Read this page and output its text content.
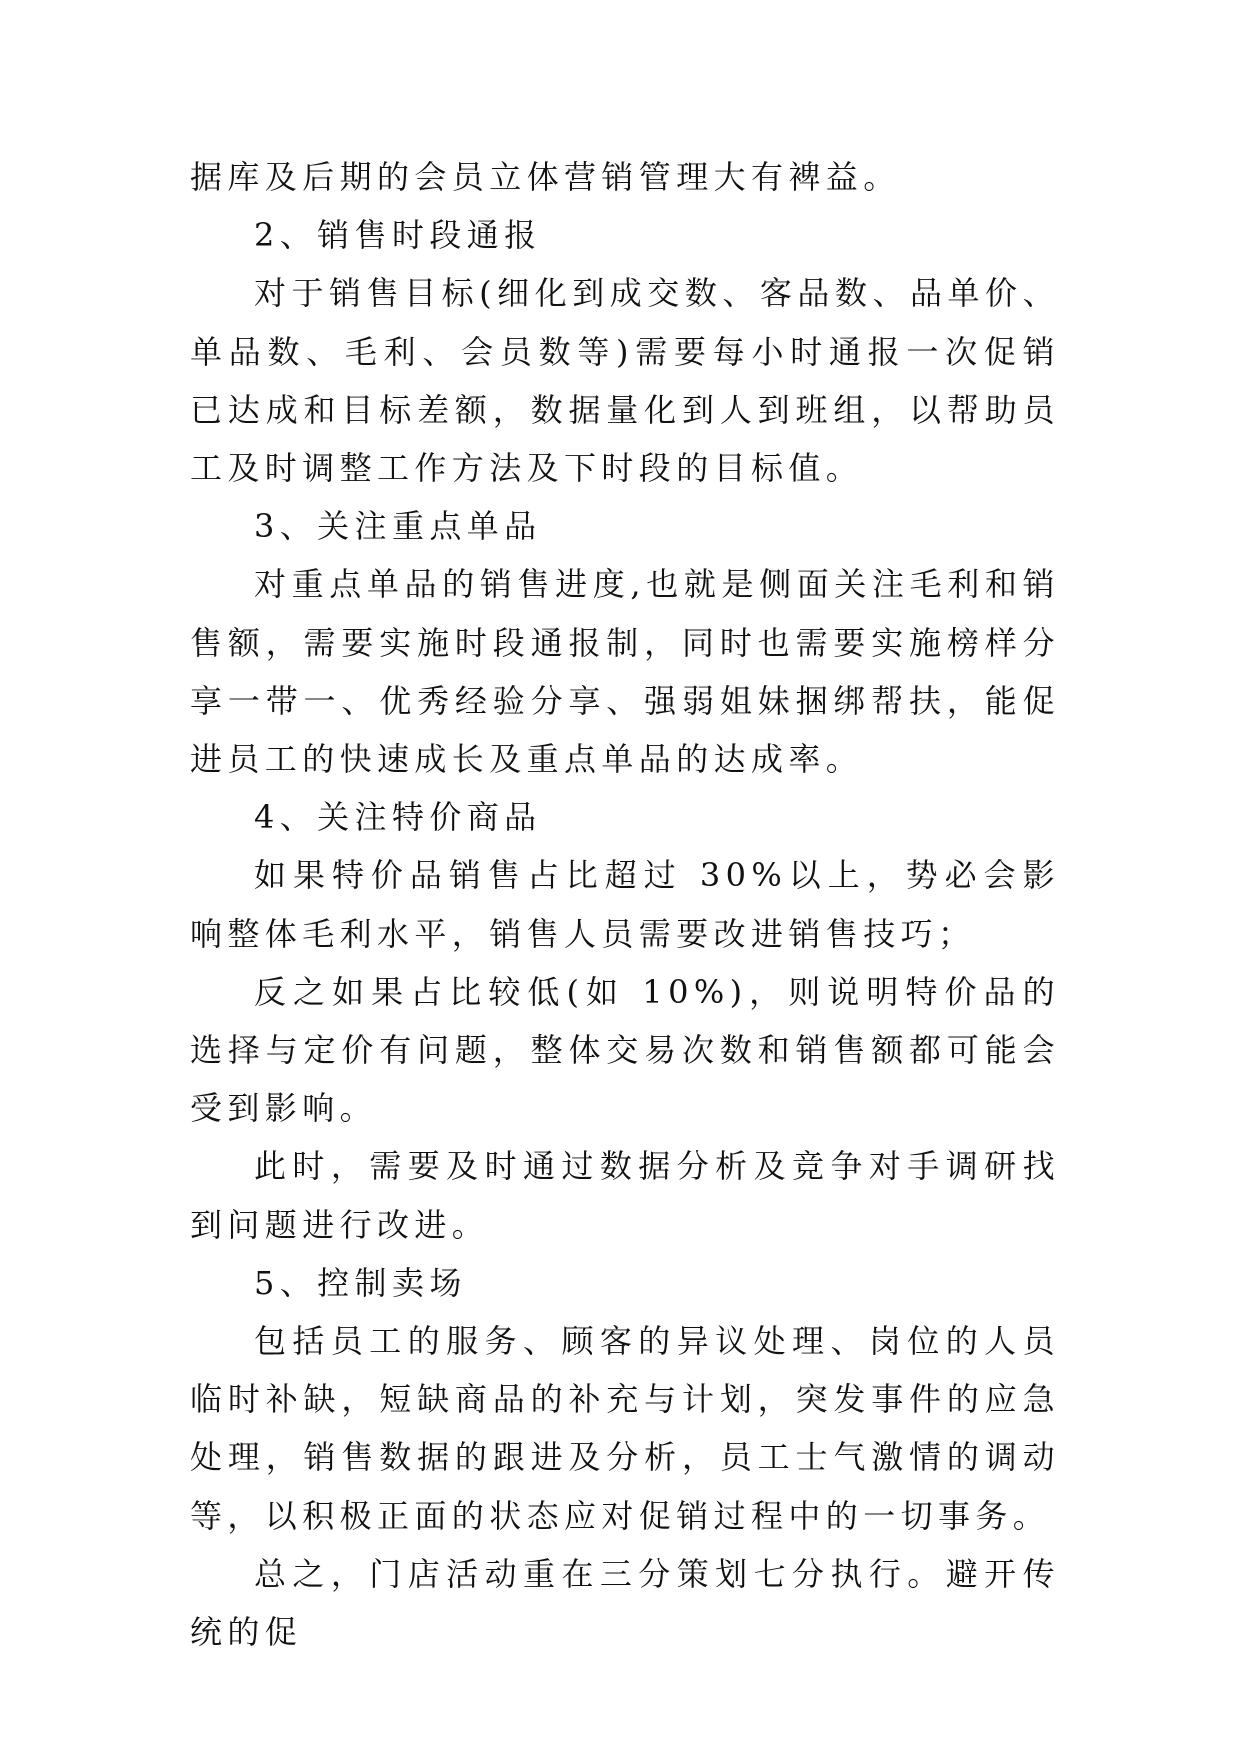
据库及后期的会员立体营销管理大有裨益。

2、销售时段通报

对于销售目标(细化到成交数、客品数、品单价、单品数、毛利、会员数等)需要每小时通报一次促销已达成和目标差额，数据量化到人到班组，以帮助员工及时调整工作方法及下时段的目标值。

3、关注重点单品

对重点单品的销售进度,也就是侧面关注毛利和销售额，需要实施时段通报制，同时也需要实施榜样分享一带一、优秀经验分享、强弱姐妹捆绑帮扶，能促进员工的快速成长及重点单品的达成率。

4、关注特价商品

如果特价品销售占比超过 30%以上，势必会影响整体毛利水平，销售人员需要改进销售技巧；

反之如果占比较低(如 10%)，则说明特价品的选择与定价有问题，整体交易次数和销售额都可能会受到影响。

此时，需要及时通过数据分析及竞争对手调研找到问题进行改进。

5、控制卖场

包括员工的服务、顾客的异议处理、岗位的人员临时补缺，短缺商品的补充与计划，突发事件的应急处理，销售数据的跟进及分析，员工士气激情的调动等，以积极正面的状态应对促销过程中的一切事务。

总之，门店活动重在三分策划七分执行。避开传统的促
